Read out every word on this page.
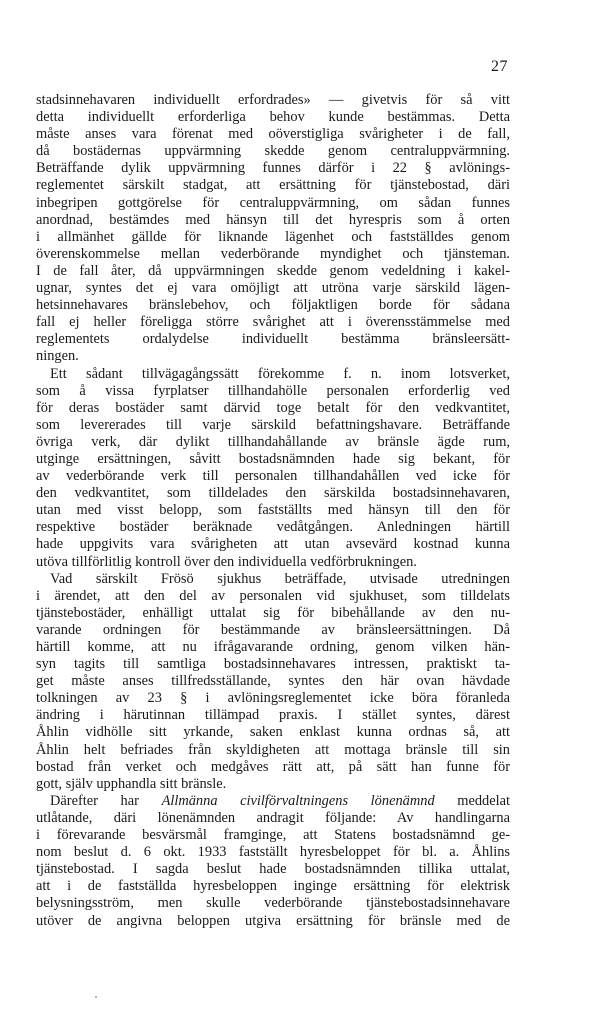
27
stadsinnehavaren individuellt erfordrades» — givetvis för så vitt
detta individuellt erforderliga behov kunde bestämmas. Detta
måste anses vara förenat med oöverstigliga svårigheter i de fall,
då bostädernas uppvärmning skedde genom centraluppvärmning.
Beträffande dylik uppvärmning funnes därför i 22 § avlönings-
reglementet särskilt stadgat, att ersättning för tjänstebostad, däri
inbegripen gottgörelse för centraluppvärmning, om sådan funnes
anordnad, bestämdes med hänsyn till det hyrespris som å orten
i allmänhet gällde för liknande lägenhet och fastställdes genom
överenskommelse mellan vederbörande myndighet och tjänsteman.
I de fall åter, då uppvärmningen skedde genom vedeldning i kakel-
ugnar, syntes det ej vara omöjligt att utröna varje särskild lägen-
hetsinnehavares bränslebehov, och följaktligen borde för sådana
fall ej heller föreligga större svårighet att i överensstämmelse med
reglementets ordalydelse individuellt bestämma bränsleersätt-
ningen.
Ett sådant tillvägagångssätt förekomme f. n. inom lotsverket,
som å vissa fyrplatser tillhandahölle personalen erforderlig ved
för deras bostäder samt därvid toge betalt för den vedkvantitet,
som levererades till varje särskild befattningshavare. Beträffande
övriga verk, där dylikt tillhandahållande av bränsle ägde rum,
utginge ersättningen, såvitt bostadsnämnden hade sig bekant, för
av vederbörande verk till personalen tillhandahållen ved icke för
den vedkvantitet, som tilldelades den särskilda bostadsinnehavaren,
utan med visst belopp, som fastställts med hänsyn till den för
respektive bostäder beräknade vedåtgången. Anledningen härtill
hade uppgivits vara svårigheten att utan avsevärd kostnad kunna
utöva tillförlitlig kontroll över den individuella vedförbrukningen.
Vad särskilt Frösö sjukhus beträffade, utvisade utredningen
i ärendet, att den del av personalen vid sjukhuset, som tilldelats
tjänstebostäder, enhälligt uttalat sig för bibehållande av den nu-
varande ordningen för bestämmande av bränsleersättningen. Då
härtill komme, att nu ifrågavarande ordning, genom vilken hän-
syn tagits till samtliga bostadsinnehavares intressen, praktiskt ta-
get måste anses tillfredsställande, syntes den här ovan hävdade
tolkningen av 23 § i avlöningsreglementet icke böra föranleda
ändring i härutinnan tillämpad praxis. I stället syntes, därest
Åhlin vidhölle sitt yrkande, saken enklast kunna ordnas så, att
Åhlin helt befriades från skyldigheten att mottaga bränsle till sin
bostad från verket och medgåves rätt att, på sätt han funne för
gott, själv upphandla sitt bränsle.
Därefter har Allmänna civilförvaltningens lönenämnd meddelat
utlåtande, däri lönenämnden andragit följande: Av handlingarna
i förevarande besvärsmål framginge, att Statens bostadsnämnd ge-
nom beslut d. 6 okt. 1933 fastställt hyresbeloppet för bl. a. Åhlins
tjänstebostad. I sagda beslut hade bostadsnämnden tillika uttalat,
att i de fastställda hyresbeloppen inginge ersättning för elektrisk
belysningsström, men skulle vederbörande tjänstebostadsinnehavare
utöver de angivna beloppen utgiva ersättning för bränsle med de
